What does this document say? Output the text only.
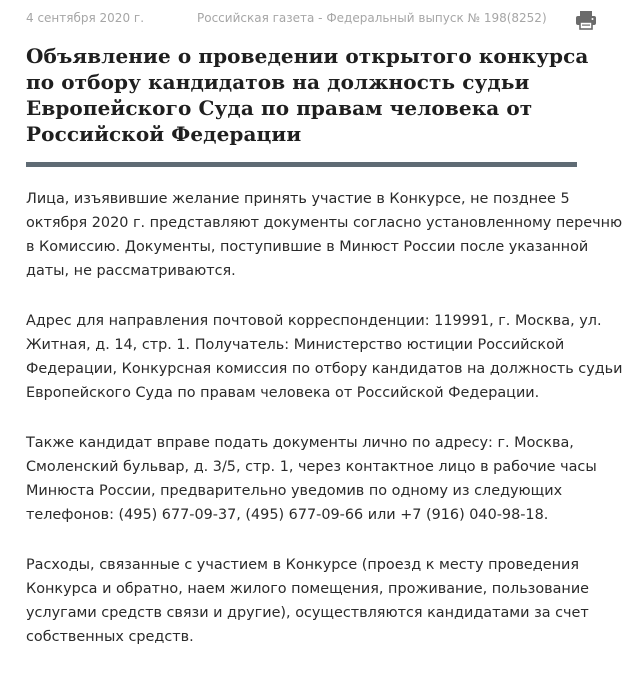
4 сентября 2020 г.	Российская газета - Федеральный выпуск № 198(8252)
Объявление о проведении открытого конкурса по отбору кандидатов на должность судьи Европейского Суда по правам человека от Российской Федерации

Лица, изъявившие желание принять участие в Конкурсе, не позднее 5 октября 2020 г. представляют документы согласно установленному перечню в Комиссию. Документы, поступившие в Минюст России после указанной даты, не рассматриваются.

Адрес для направления почтовой корреспонденции: 119991, г. Москва, ул. Житная, д. 14, стр. 1. Получатель: Министерство юстиции Российской Федерации, Конкурсная комиссия по отбору кандидатов на должность судьи Европейского Суда по правам человека от Российской Федерации.

Также кандидат вправе подать документы лично по адресу: г. Москва, Смоленский бульвар, д. 3/5, стр. 1, через контактное лицо в рабочие часы Минюста России, предварительно уведомив по одному из следующих телефонов: (495) 677-09-37, (495) 677-09-66 или +7 (916) 040-98-18.

Расходы, связанные с участием в Конкурсе (проезд к месту проведения Конкурса и обратно, наем жилого помещения, проживание, пользование услугами средств связи и другие), осуществляются кандидатами за счет собственных средств.
